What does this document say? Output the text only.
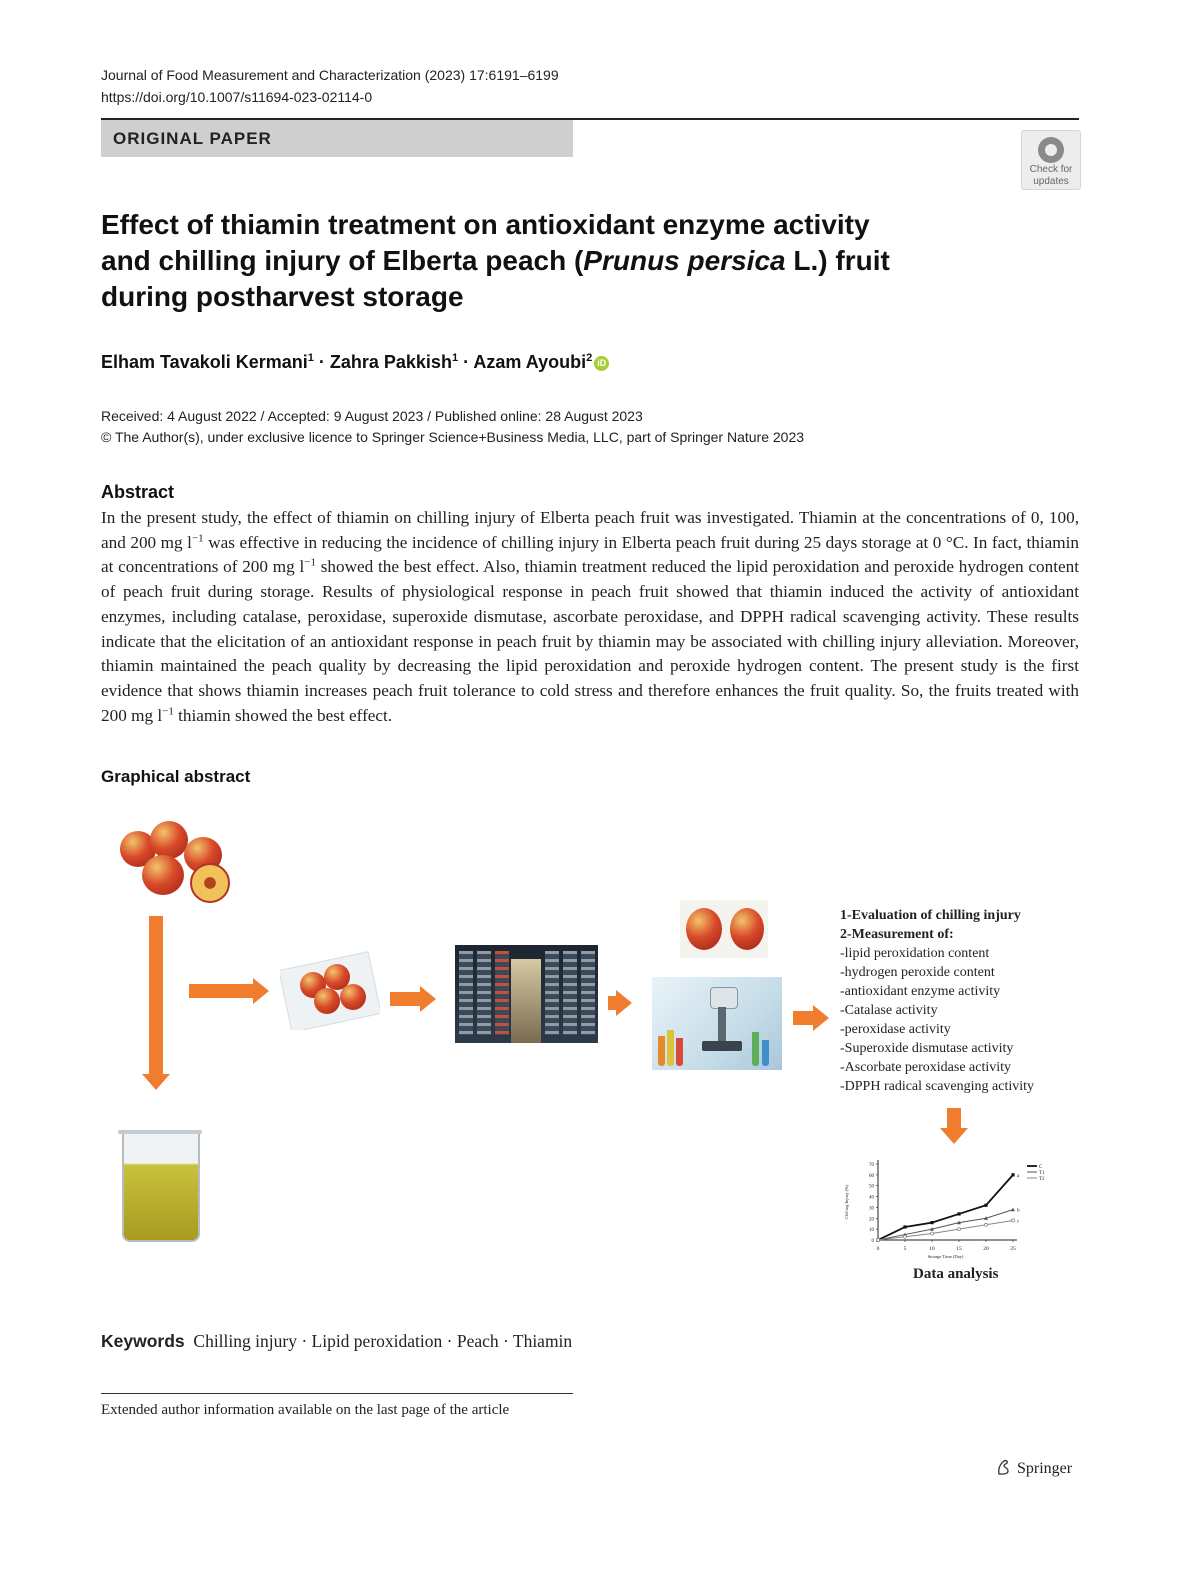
Journal of Food Measurement and Characterization (2023) 17:6191–6199
https://doi.org/10.1007/s11694-023-02114-0
ORIGINAL PAPER
Check for
updates
Effect of thiamin treatment on antioxidant enzyme activity and chilling injury of Elberta peach (Prunus persica L.) fruit during postharvest storage
Elham Tavakoli Kermani$^1$ · Zahra Pakkish$^1$ · Azam Ayoubi$^2$ iD
Received: 4 August 2022 / Accepted: 9 August 2023 / Published online: 28 August 2023
© The Author(s), under exclusive licence to Springer Science+Business Media, LLC, part of Springer Nature 2023
Abstract
In the present study, the effect of thiamin on chilling injury of Elberta peach fruit was investigated. Thiamin at the concentrations of 0, 100, and 200 mg $l^{-1}$ was effective in reducing the incidence of chilling injury in Elberta peach fruit during 25 days storage at 0 °C. In fact, thiamin at concentrations of 200 mg $l^{-1}$ showed the best effect. Also, thiamin treatment reduced the lipid peroxidation and peroxide hydrogen content of peach fruit during storage. Results of physiological response in peach fruit showed that thiamin induced the activity of antioxidant enzymes, including catalase, peroxidase, superoxide dismutase, ascorbate peroxidase, and DPPH radical scavenging activity. These results indicate that the elicitation of an antioxidant response in peach fruit by thiamin may be associated with chilling injury alleviation. Moreover, thiamin maintained the peach quality by decreasing the lipid peroxidation and peroxide hydrogen content. The present study is the first evidence that shows thiamin increases peach fruit tolerance to cold stress and therefore enhances the fruit quality. So, the fruits treated with 200 mg $l^{-1}$ thiamin showed the best effect.
Graphical abstract
1-Evaluation of chilling injury
2-Measurement of:
-lipid peroxidation content
-hydrogen peroxide content
-antioxidant enzyme activity
-Catalase activity
-peroxidase activity
-Superoxide dismutase activity
-Ascorbate peroxidase activity
-DPPH radical scavenging activity
0
10
20
30
40
50
60
70
0	5	10	15	20	25
Storage Time (Day)
Chilling Injury (%)
a
C
b
T1
c
T2
Data analysis
Keywords Chilling injury · Lipid peroxidation · Peach · Thiamin
Extended author information available on the last page of the article
Springer
